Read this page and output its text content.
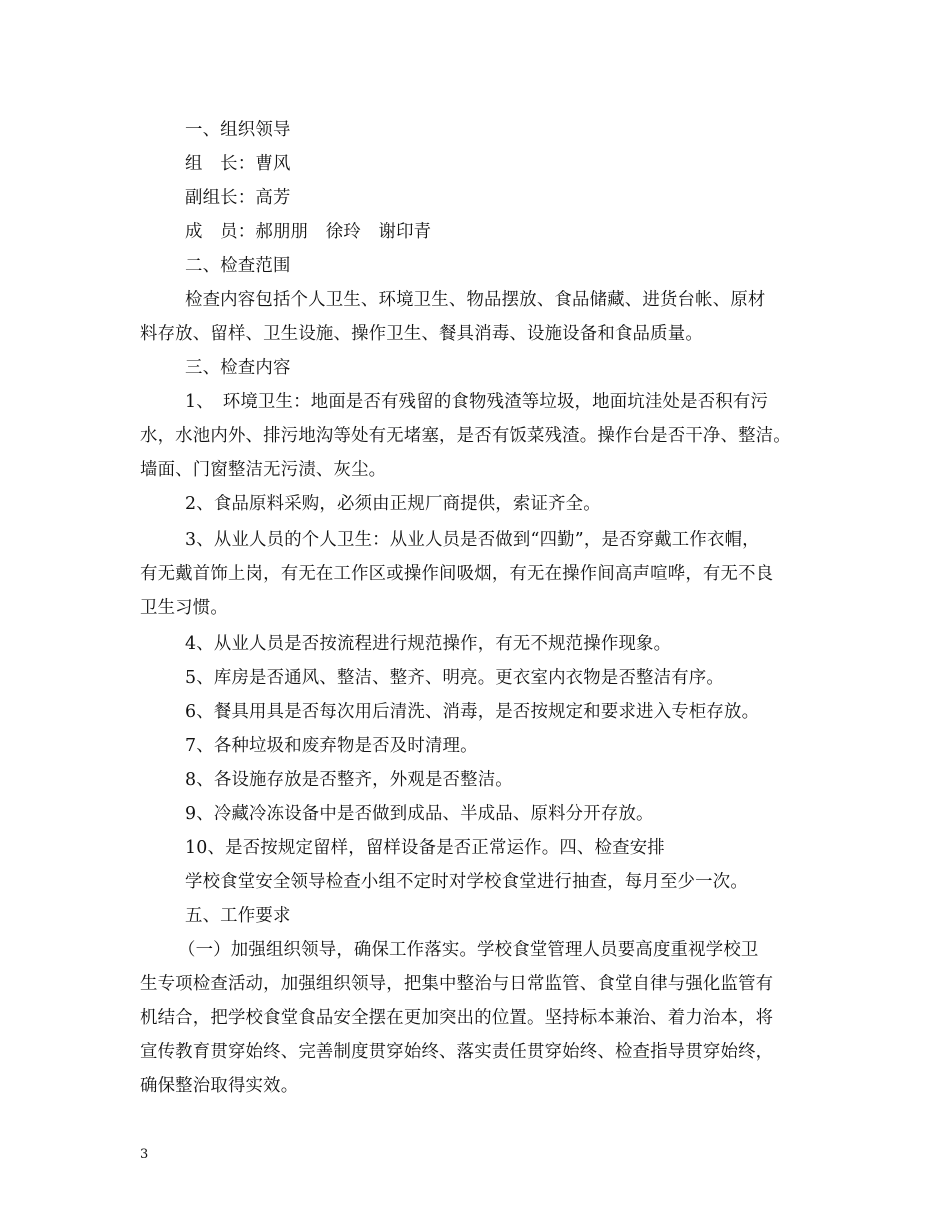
一、组织领导
组　长：曹风
副组长：高芳
成　员：郝朋朋　徐玲　谢印青
二、检查范围
检查内容包括个人卫生、环境卫生、物品摆放、食品储藏、进货台帐、原材
料存放、留样、卫生设施、操作卫生、餐具消毒、设施设备和食品质量。
三、检查内容
1、　环境卫生：地面是否有残留的食物残渣等垃圾，地面坑洼处是否积有污
水，水池内外、排污地沟等处有无堵塞，是否有饭菜残渣。操作台是否干净、整洁。
墙面、门窗整洁无污渍、灰尘。
2、食品原料采购，必须由正规厂商提供，索证齐全。
3、从业人员的个人卫生：从业人员是否做到“四勤”，是否穿戴工作衣帽，
有无戴首饰上岗，有无在工作区或操作间吸烟，有无在操作间高声喧哗，有无不良
卫生习惯。
4、从业人员是否按流程进行规范操作，有无不规范操作现象。
5、库房是否通风、整洁、整齐、明亮。更衣室内衣物是否整洁有序。
6、餐具用具是否每次用后清洗、消毒，是否按规定和要求进入专柜存放。
7、各种垃圾和废弃物是否及时清理。
8、各设施存放是否整齐，外观是否整洁。
9、冷藏冷冻设备中是否做到成品、半成品、原料分开存放。
10、是否按规定留样，留样设备是否正常运作。四、检查安排
学校食堂安全领导检查小组不定时对学校食堂进行抽查，每月至少一次。
五、工作要求
（一）加强组织领导，确保工作落实。学校食堂管理人员要高度重视学校卫
生专项检查活动，加强组织领导，把集中整治与日常监管、食堂自律与强化监管有
机结合，把学校食堂食品安全摆在更加突出的位置。坚持标本兼治、着力治本，将
宣传教育贯穿始终、完善制度贯穿始终、落实责任贯穿始终、检查指导贯穿始终，
确保整治取得实效。
3
